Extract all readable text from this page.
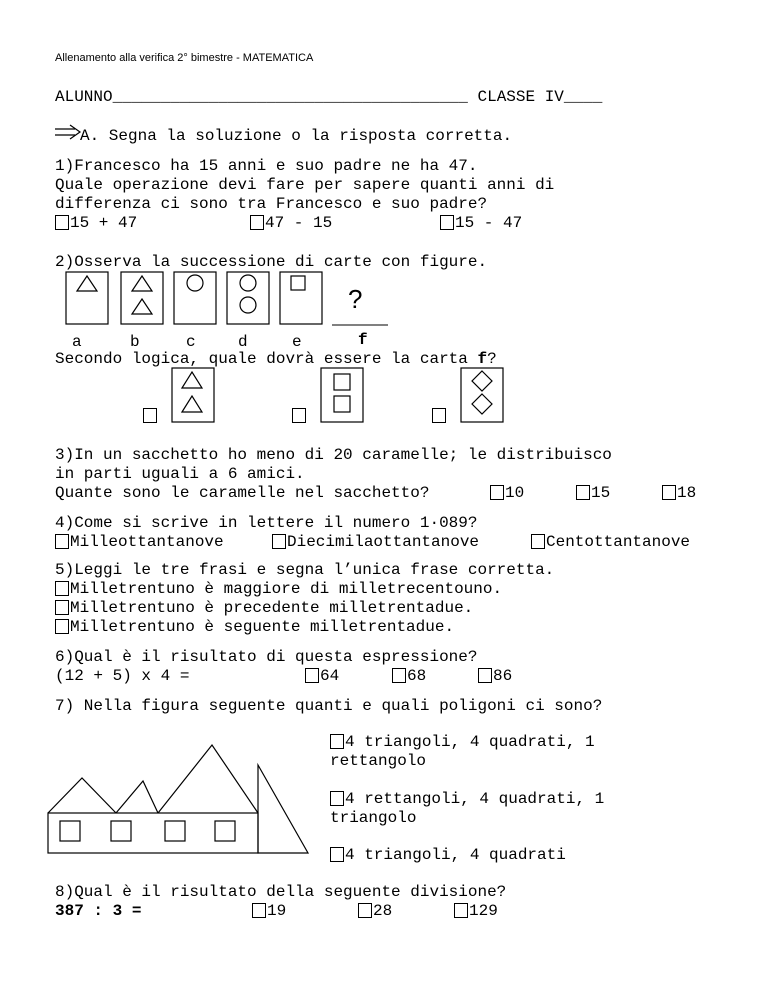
Allenamento alla verifica 2° bimestre - MATEMATICA
ALUNNO_____________________________________ CLASSE IV____
A. Segna la soluzione o la risposta corretta.
1)Francesco ha 15 anni e suo padre ne ha 47.
Quale operazione devi fare per sapere quanti anni di
differenza ci sono tra Francesco e suo padre?
15 + 47	47 - 15	15 - 47
2)Osserva la successione di carte con figure.
?
a	b	c	d	e	f
Secondo logica, quale dovrà essere la carta f?
3)In un sacchetto ho meno di 20 caramelle; le distribuisco
in parti uguali a 6 amici.
Quante sono le caramelle nel sacchetto?	10	15	18
4)Come si scrive in lettere il numero 1·089?
Milleottantanove	Diecimilaottantanove	Centottantanove
5)Leggi le tre frasi e segna l’unica frase corretta.
Milletrentuno è maggiore di milletrecentouno.
Milletrentuno è precedente milletrentadue.
Milletrentuno è seguente milletrentadue.
6)Qual è il risultato di questa espressione?
(12 + 5) x 4 =	64	68	86
7) Nella figura seguente quanti e quali poligoni ci sono?
4 triangoli, 4 quadrati, 1
rettangolo
4 rettangoli, 4 quadrati, 1
triangolo
4 triangoli, 4 quadrati
8)Qual è il risultato della seguente divisione?
387 : 3 =	19	28	129
